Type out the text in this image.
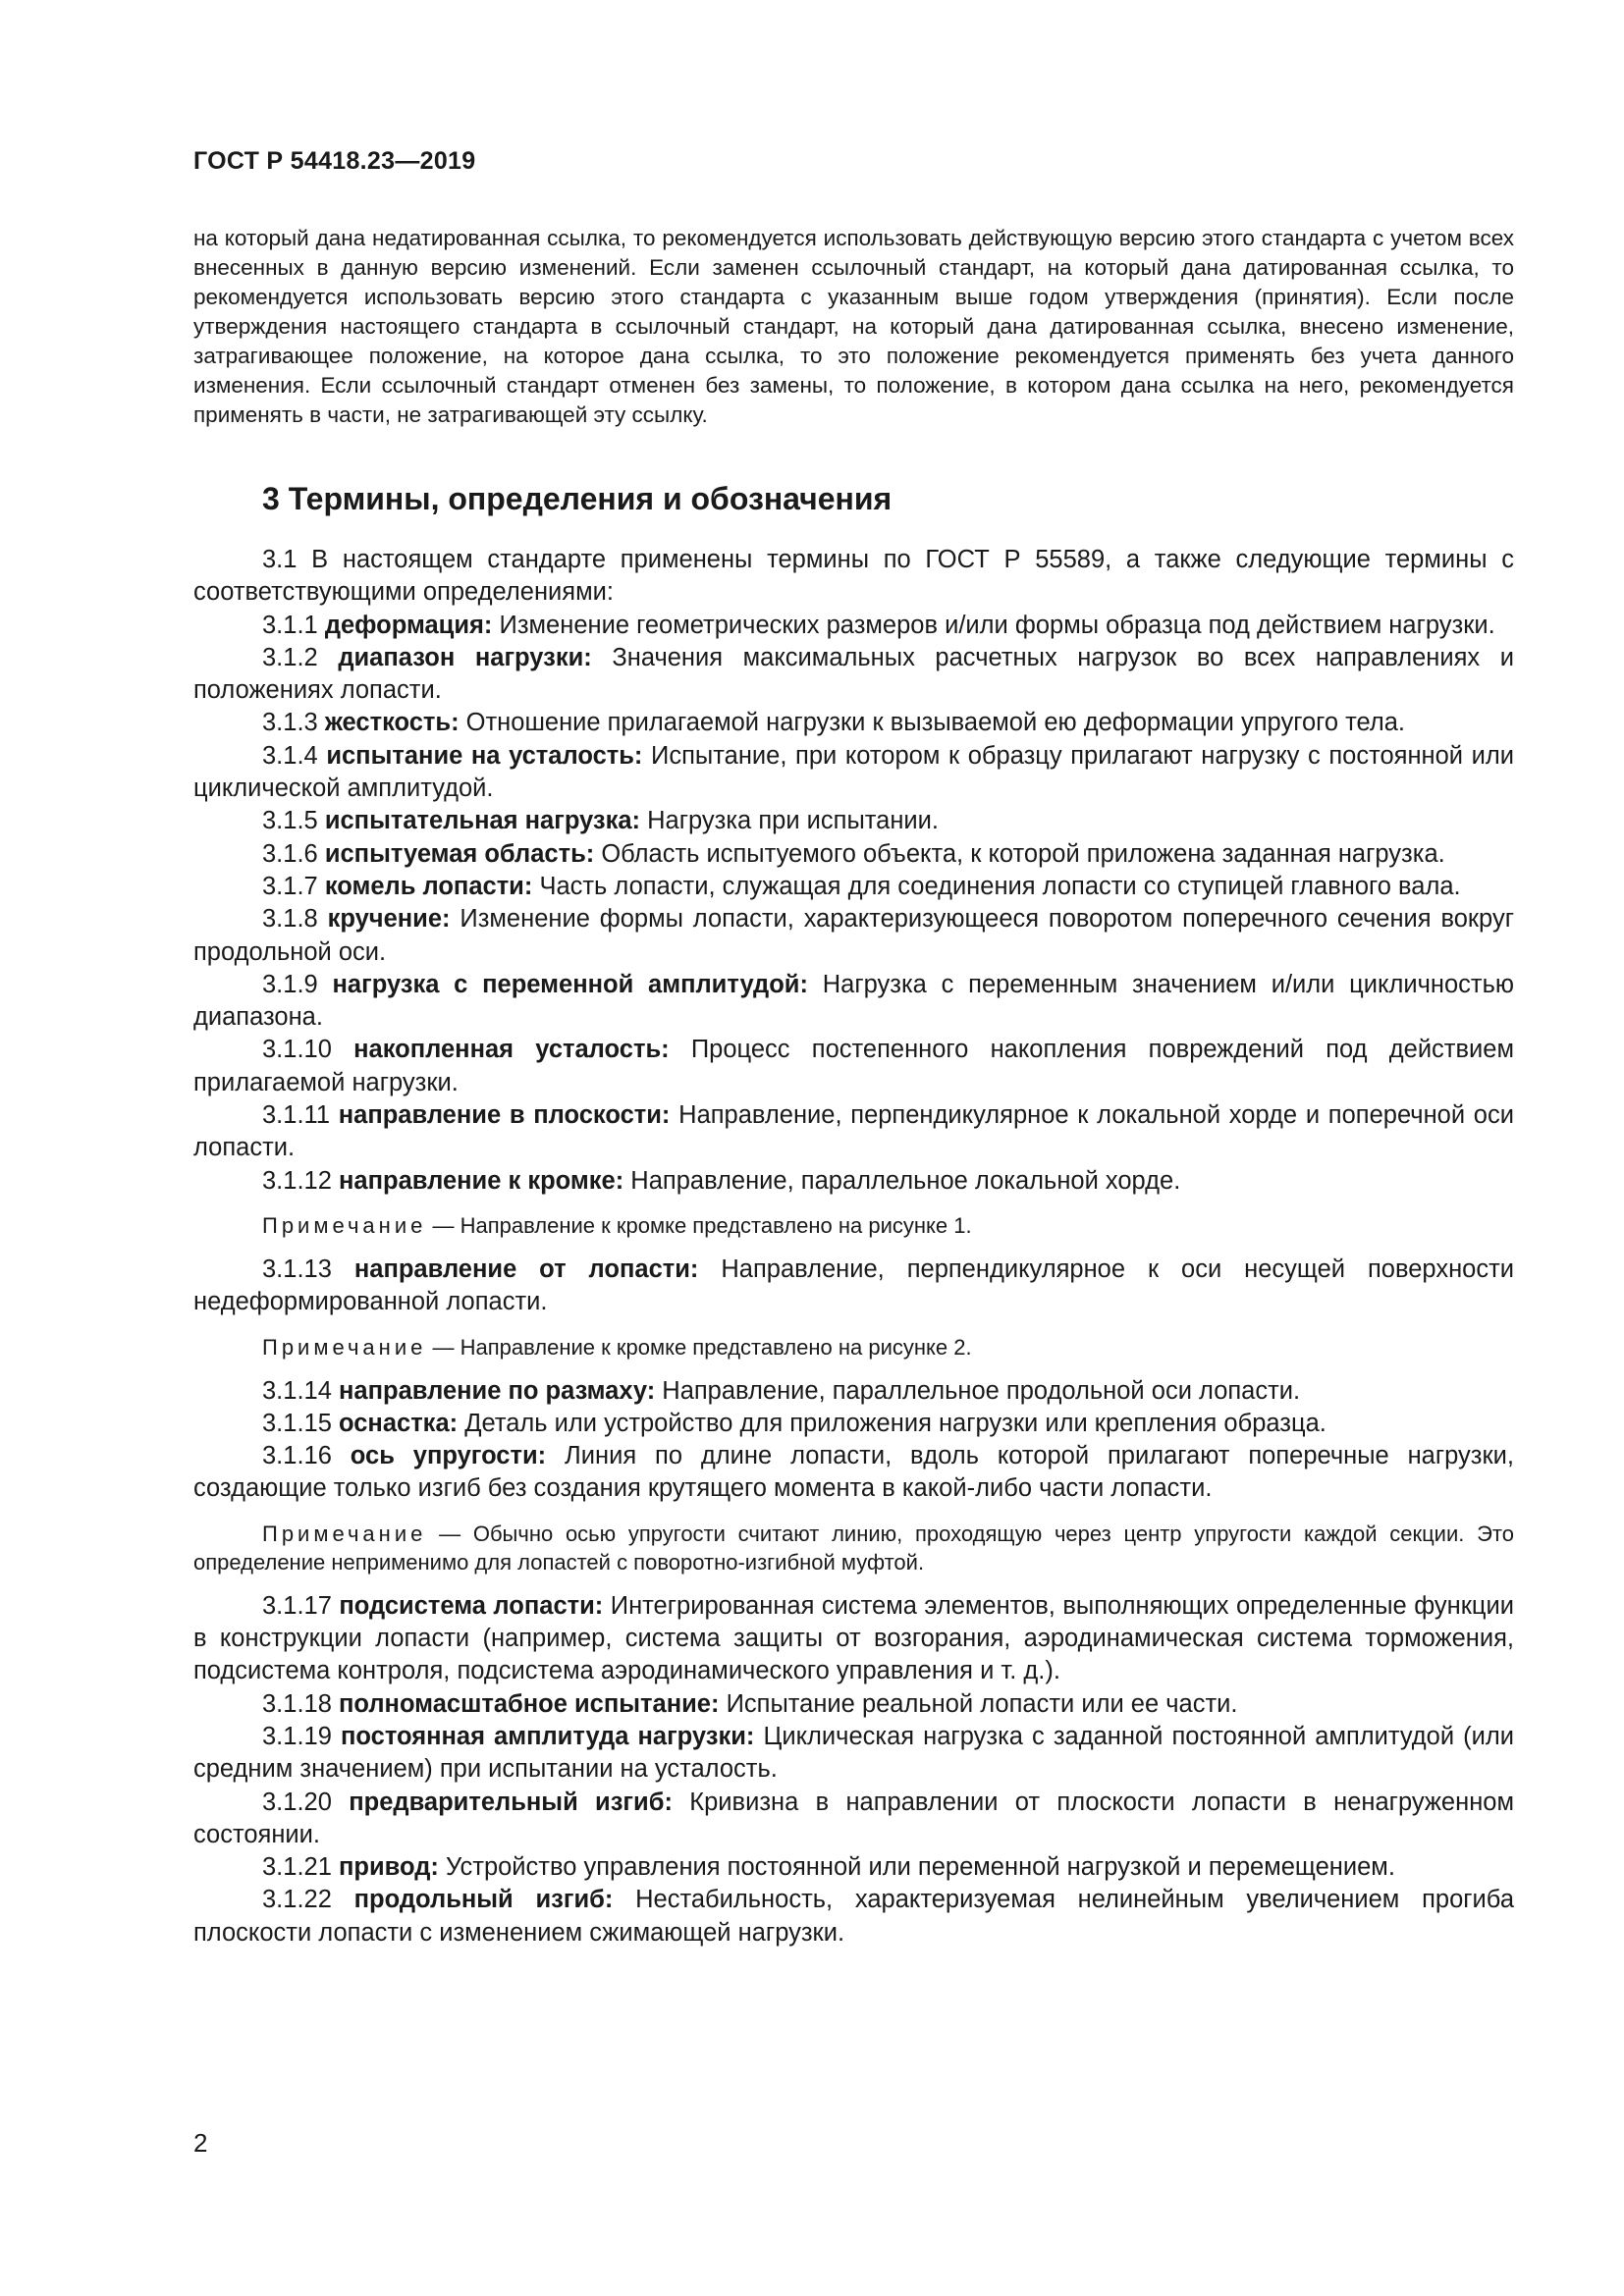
ГОСТ Р 54418.23—2019

на который дана недатированная ссылка, то рекомендуется использовать действующую версию этого стандарта с учетом всех внесенных в данную версию изменений. Если заменен ссылочный стандарт, на который дана датированная ссылка, то рекомендуется использовать версию этого стандарта с указанным выше годом утверждения (принятия). Если после утверждения настоящего стандарта в ссылочный стандарт, на который дана датированная ссылка, внесено изменение, затрагивающее положение, на которое дана ссылка, то это положение рекомендуется применять без учета данного изменения. Если ссылочный стандарт отменен без замены, то положение, в котором дана ссылка на него, рекомендуется применять в части, не затрагивающей эту ссылку.

3 Термины, определения и обозначения

3.1 В настоящем стандарте применены термины по ГОСТ Р 55589, а также следующие термины с соответствующими определениями:

3.1.1 деформация: Изменение геометрических размеров и/или формы образца под действием нагрузки.

3.1.2 диапазон нагрузки: Значения максимальных расчетных нагрузок во всех направлениях и положениях лопасти.

3.1.3 жесткость: Отношение прилагаемой нагрузки к вызываемой ею деформации упругого тела.

3.1.4 испытание на усталость: Испытание, при котором к образцу прилагают нагрузку с постоянной или циклической амплитудой.

3.1.5 испытательная нагрузка: Нагрузка при испытании.

3.1.6 испытуемая область: Область испытуемого объекта, к которой приложена заданная нагрузка.

3.1.7 комель лопасти: Часть лопасти, служащая для соединения лопасти со ступицей главного вала.

3.1.8 кручение: Изменение формы лопасти, характеризующееся поворотом поперечного сечения вокруг продольной оси.

3.1.9 нагрузка с переменной амплитудой: Нагрузка с переменным значением и/или цикличностью диапазона.

3.1.10 накопленная усталость: Процесс постепенного накопления повреждений под действием прилагаемой нагрузки.

3.1.11 направление в плоскости: Направление, перпендикулярное к локальной хорде и поперечной оси лопасти.

3.1.12 направление к кромке: Направление, параллельное локальной хорде.

Примечание — Направление к кромке представлено на рисунке 1.

3.1.13 направление от лопасти: Направление, перпендикулярное к оси несущей поверхности недеформированной лопасти.

Примечание — Направление к кромке представлено на рисунке 2.

3.1.14 направление по размаху: Направление, параллельное продольной оси лопасти.

3.1.15 оснастка: Деталь или устройство для приложения нагрузки или крепления образца.

3.1.16 ось упругости: Линия по длине лопасти, вдоль которой прилагают поперечные нагрузки, создающие только изгиб без создания крутящего момента в какой-либо части лопасти.

Примечание — Обычно осью упругости считают линию, проходящую через центр упругости каждой секции. Это определение неприменимо для лопастей с поворотно-изгибной муфтой.

3.1.17 подсистема лопасти: Интегрированная система элементов, выполняющих определенные функции в конструкции лопасти (например, система защиты от возгорания, аэродинамическая система торможения, подсистема контроля, подсистема аэродинамического управления и т. д.).

3.1.18 полномасштабное испытание: Испытание реальной лопасти или ее части.

3.1.19 постоянная амплитуда нагрузки: Циклическая нагрузка с заданной постоянной амплитудой (или средним значением) при испытании на усталость.

3.1.20 предварительный изгиб: Кривизна в направлении от плоскости лопасти в ненагруженном состоянии.

3.1.21 привод: Устройство управления постоянной или переменной нагрузкой и перемещением.

3.1.22 продольный изгиб: Нестабильность, характеризуемая нелинейным увеличением прогиба плоскости лопасти с изменением сжимающей нагрузки.

2
